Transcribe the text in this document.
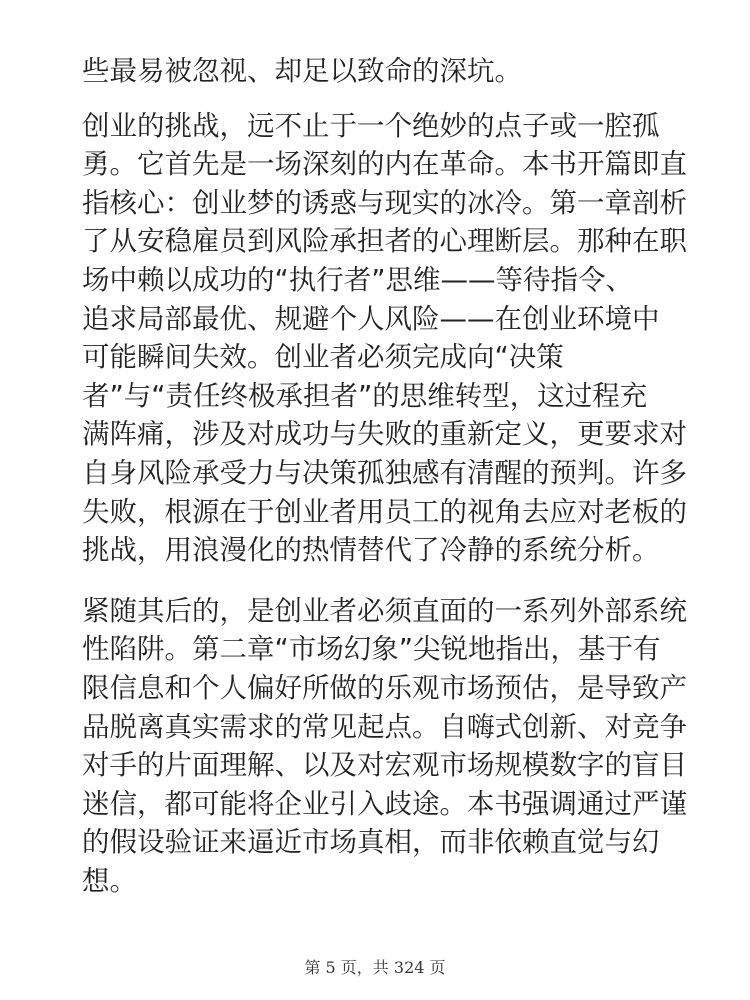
些最易被忽视、却足以致命的深坑。

创业的挑战，远不止于一个绝妙的点子或一腔孤
勇。它首先是一场深刻的内在革命。本书开篇即直
指核心：创业梦的诱惑与现实的冰冷。第一章剖析
了从安稳雇员到风险承担者的心理断层。那种在职
场中赖以成功的“执行者”思维——等待指令、
追求局部最优、规避个人风险——在创业环境中
可能瞬间失效。创业者必须完成向“决策
者”与“责任终极承担者”的思维转型，这过程充
满阵痛，涉及对成功与失败的重新定义，更要求对
自身风险承受力与决策孤独感有清醒的预判。许多
失败，根源在于创业者用员工的视角去应对老板的
挑战，用浪漫化的热情替代了冷静的系统分析。

紧随其后的，是创业者必须直面的一系列外部系统
性陷阱。第二章“市场幻象”尖锐地指出，基于有
限信息和个人偏好所做的乐观市场预估，是导致产
品脱离真实需求的常见起点。自嗨式创新、对竞争
对手的片面理解、以及对宏观市场规模数字的盲目
迷信，都可能将企业引入歧途。本书强调通过严谨
的假设验证来逼近市场真相，而非依赖直觉与幻
想。

第 5 页，共 324 页
